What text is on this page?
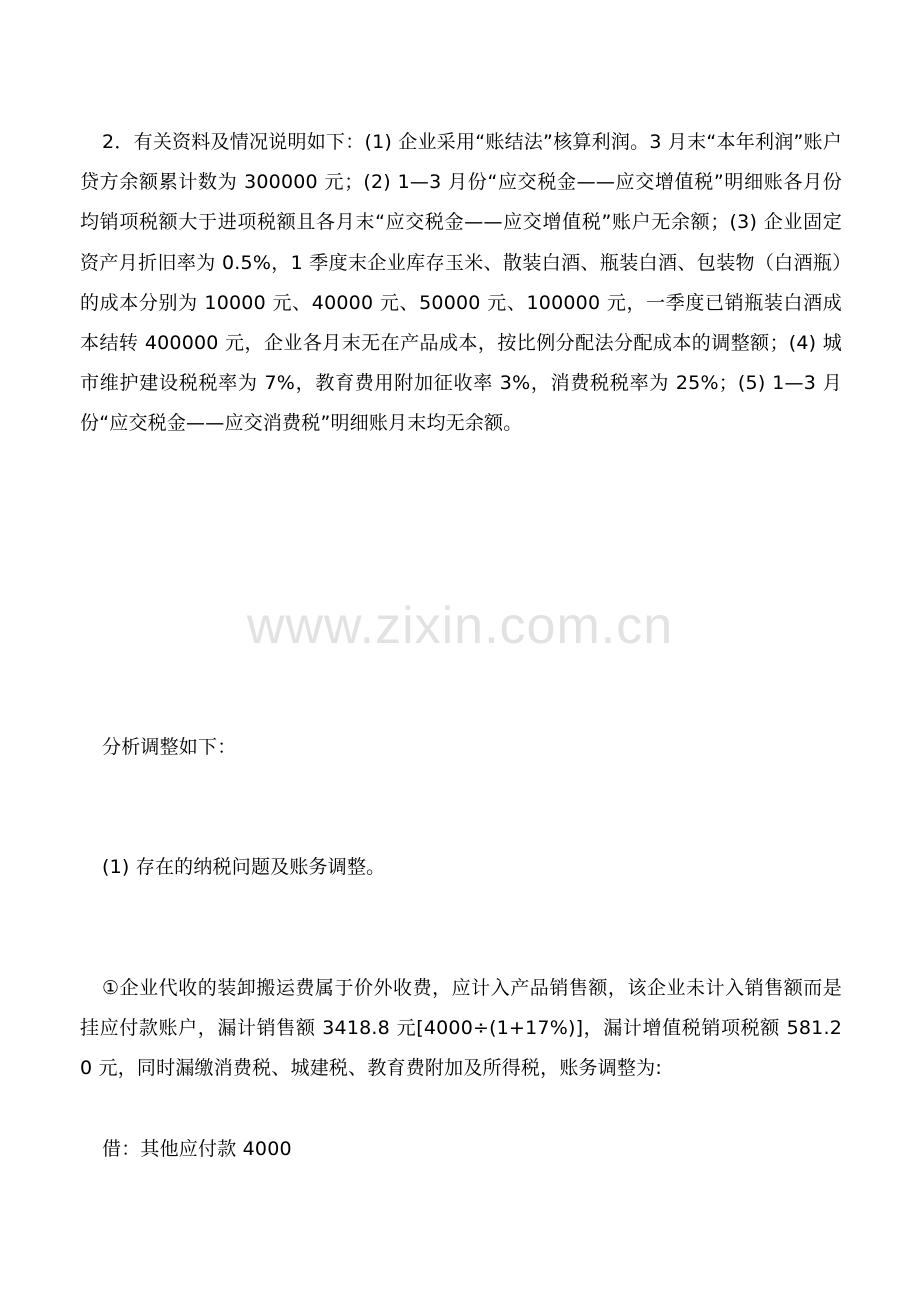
2．有关资料及情况说明如下：(1) 企业采用“账结法”核算利润。3 月末“本年利润”账户贷方余额累计数为 300000 元；(2) 1—3 月份“应交税金——应交增值税”明细账各月份均销项税额大于进项税额且各月末“应交税金——应交增值税”账户无余额；(3) 企业固定资产月折旧率为 0.5%，1 季度末企业库存玉米、散装白酒、瓶装白酒、包装物（白酒瓶）的成本分别为 10000 元、40000 元、50000 元、100000 元，一季度已销瓶装白酒成本结转 400000 元，企业各月末无在产品成本，按比例分配法分配成本的调整额；(4) 城市维护建设税税率为 7%，教育费用附加征收率 3%，消费税税率为 25%；(5) 1—3 月份“应交税金——应交消费税”明细账月末均无余额。
www.zixin.com.cn
分析调整如下：
(1) 存在的纳税问题及账务调整。
①企业代收的装卸搬运费属于价外收费，应计入产品销售额，该企业未计入销售额而是挂应付款账户，漏计销售额 3418.8 元[4000÷(1+17%)]，漏计增值税销项税额 581.20 元，同时漏缴消费税、城建税、教育费附加及所得税，账务调整为:
借：其他应付款 4000
